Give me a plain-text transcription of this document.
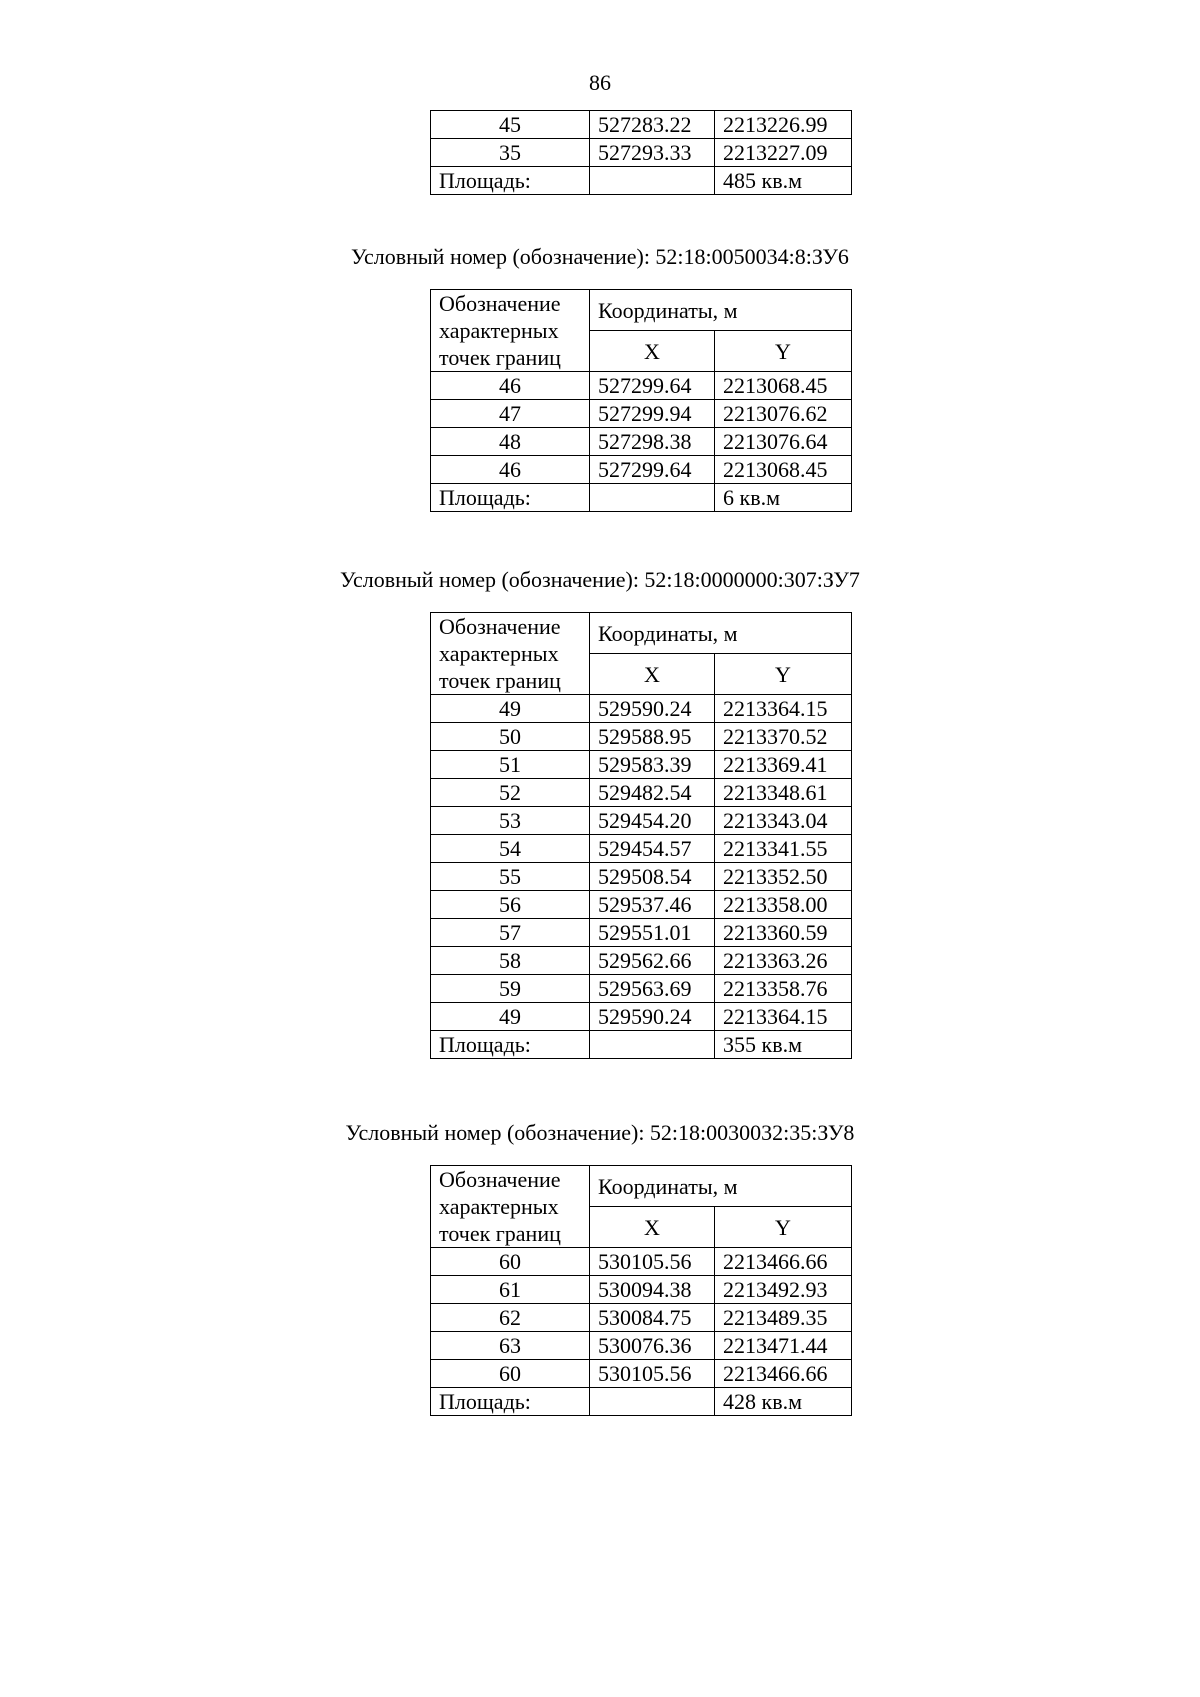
86
45	527283.22	2213226.99
35	527293.33	2213227.09
Площадь:		485 кв.м
Условный номер (обозначение): 52:18:0050034:8:ЗУ6
Обозначение характерных точек границ	Координаты, м	
	X	Y
46	527299.64	2213068.45
47	527299.94	2213076.62
48	527298.38	2213076.64
46	527299.64	2213068.45
Площадь:		6 кв.м
Условный номер (обозначение): 52:18:0000000:307:ЗУ7
Обозначение характерных точек границ	Координаты, м	
	X	Y
49	529590.24	2213364.15
50	529588.95	2213370.52
51	529583.39	2213369.41
52	529482.54	2213348.61
53	529454.20	2213343.04
54	529454.57	2213341.55
55	529508.54	2213352.50
56	529537.46	2213358.00
57	529551.01	2213360.59
58	529562.66	2213363.26
59	529563.69	2213358.76
49	529590.24	2213364.15
Площадь:		355 кв.м
Условный номер (обозначение): 52:18:0030032:35:ЗУ8
Обозначение характерных точек границ	Координаты, м	
	X	Y
60	530105.56	2213466.66
61	530094.38	2213492.93
62	530084.75	2213489.35
63	530076.36	2213471.44
60	530105.56	2213466.66
Площадь:		428 кв.м
